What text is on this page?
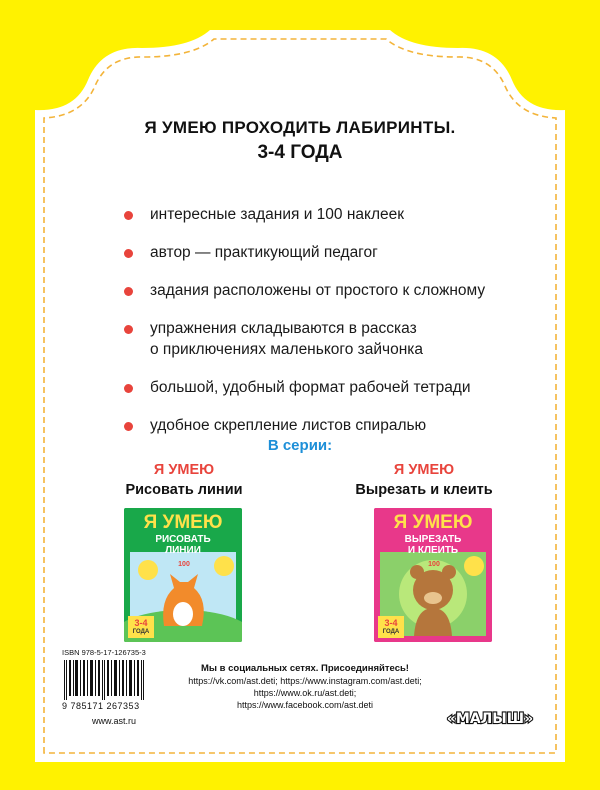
Я УМЕЮ ПРОХОДИТЬ ЛАБИРИНТЫ.
3-4 ГОДА
интересные задания и 100 наклеек
автор — практикующий педагог
задания расположены от простого к сложному
упражнения складываются в рассказ
о приключениях маленького зайчонка
большой, удобный формат рабочей тетради
удобное скрепление листов спиралью
В серии:
Я УМЕЮ
Рисовать линии
Я УМЕЮ
РИСОВАТЬ
ЛИНИИ
100
3-4
ГОДА
Я УМЕЮ
Вырезать и клеить
Я УМЕЮ
ВЫРЕЗАТЬ
И КЛЕИТЬ
100
3-4
ГОДА
ISBN 978-5-17-126735-3
9 785171 267353
www.ast.ru
Мы в социальных сетях. Присоединяйтесь!
https://vk.com/ast.deti; https://www.instagram.com/ast.deti;
https://www.ok.ru/ast.deti;
https://www.facebook.com/ast.deti
«МАЛЫШ»
